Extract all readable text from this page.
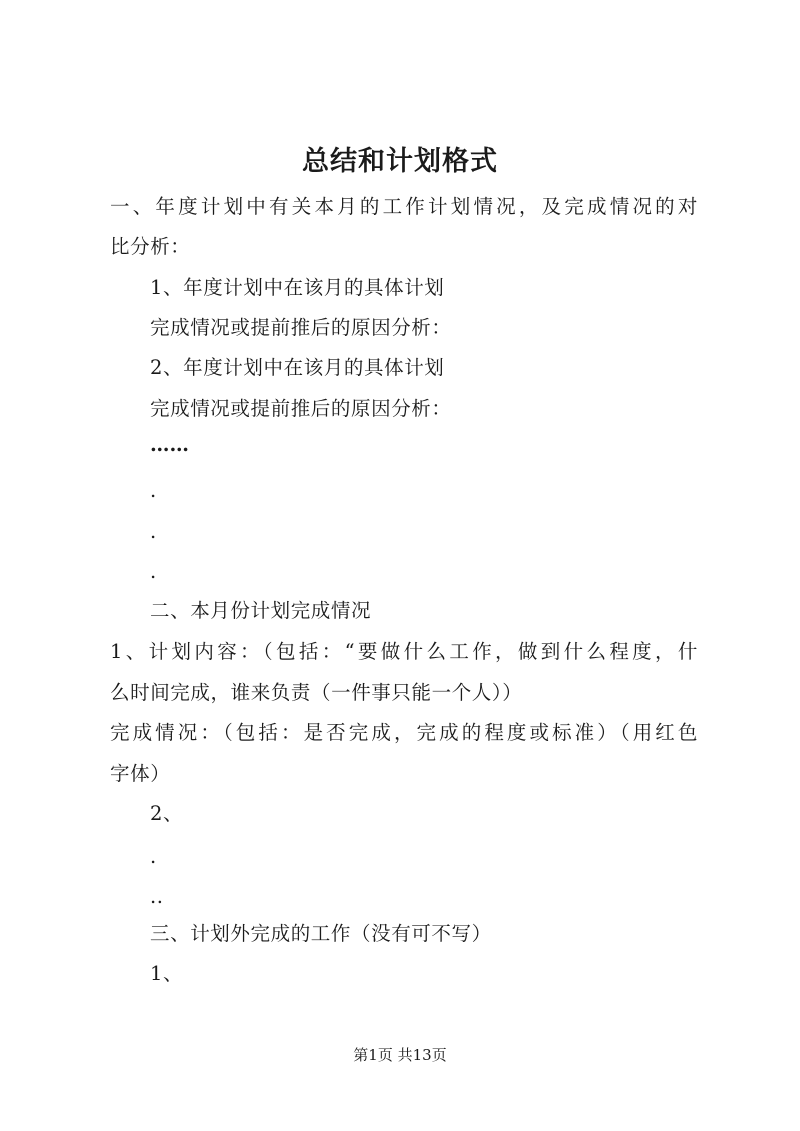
总结和计划格式
一、年度计划中有关本月的工作计划情况，及完成情况的对
比分析：
1、年度计划中在该月的具体计划
完成情况或提前推后的原因分析：
2、年度计划中在该月的具体计划
完成情况或提前推后的原因分析：
……
.
.
.
二、本月份计划完成情况
1、计划内容：（包括：“要做什么工作，做到什么程度，什
么时间完成，谁来负责（一件事只能一个人））
完成情况：（包括：是否完成，完成的程度或标准）（用红色
字体）
2、
.
..
三、计划外完成的工作（没有可不写）
1、
第1页 共13页
